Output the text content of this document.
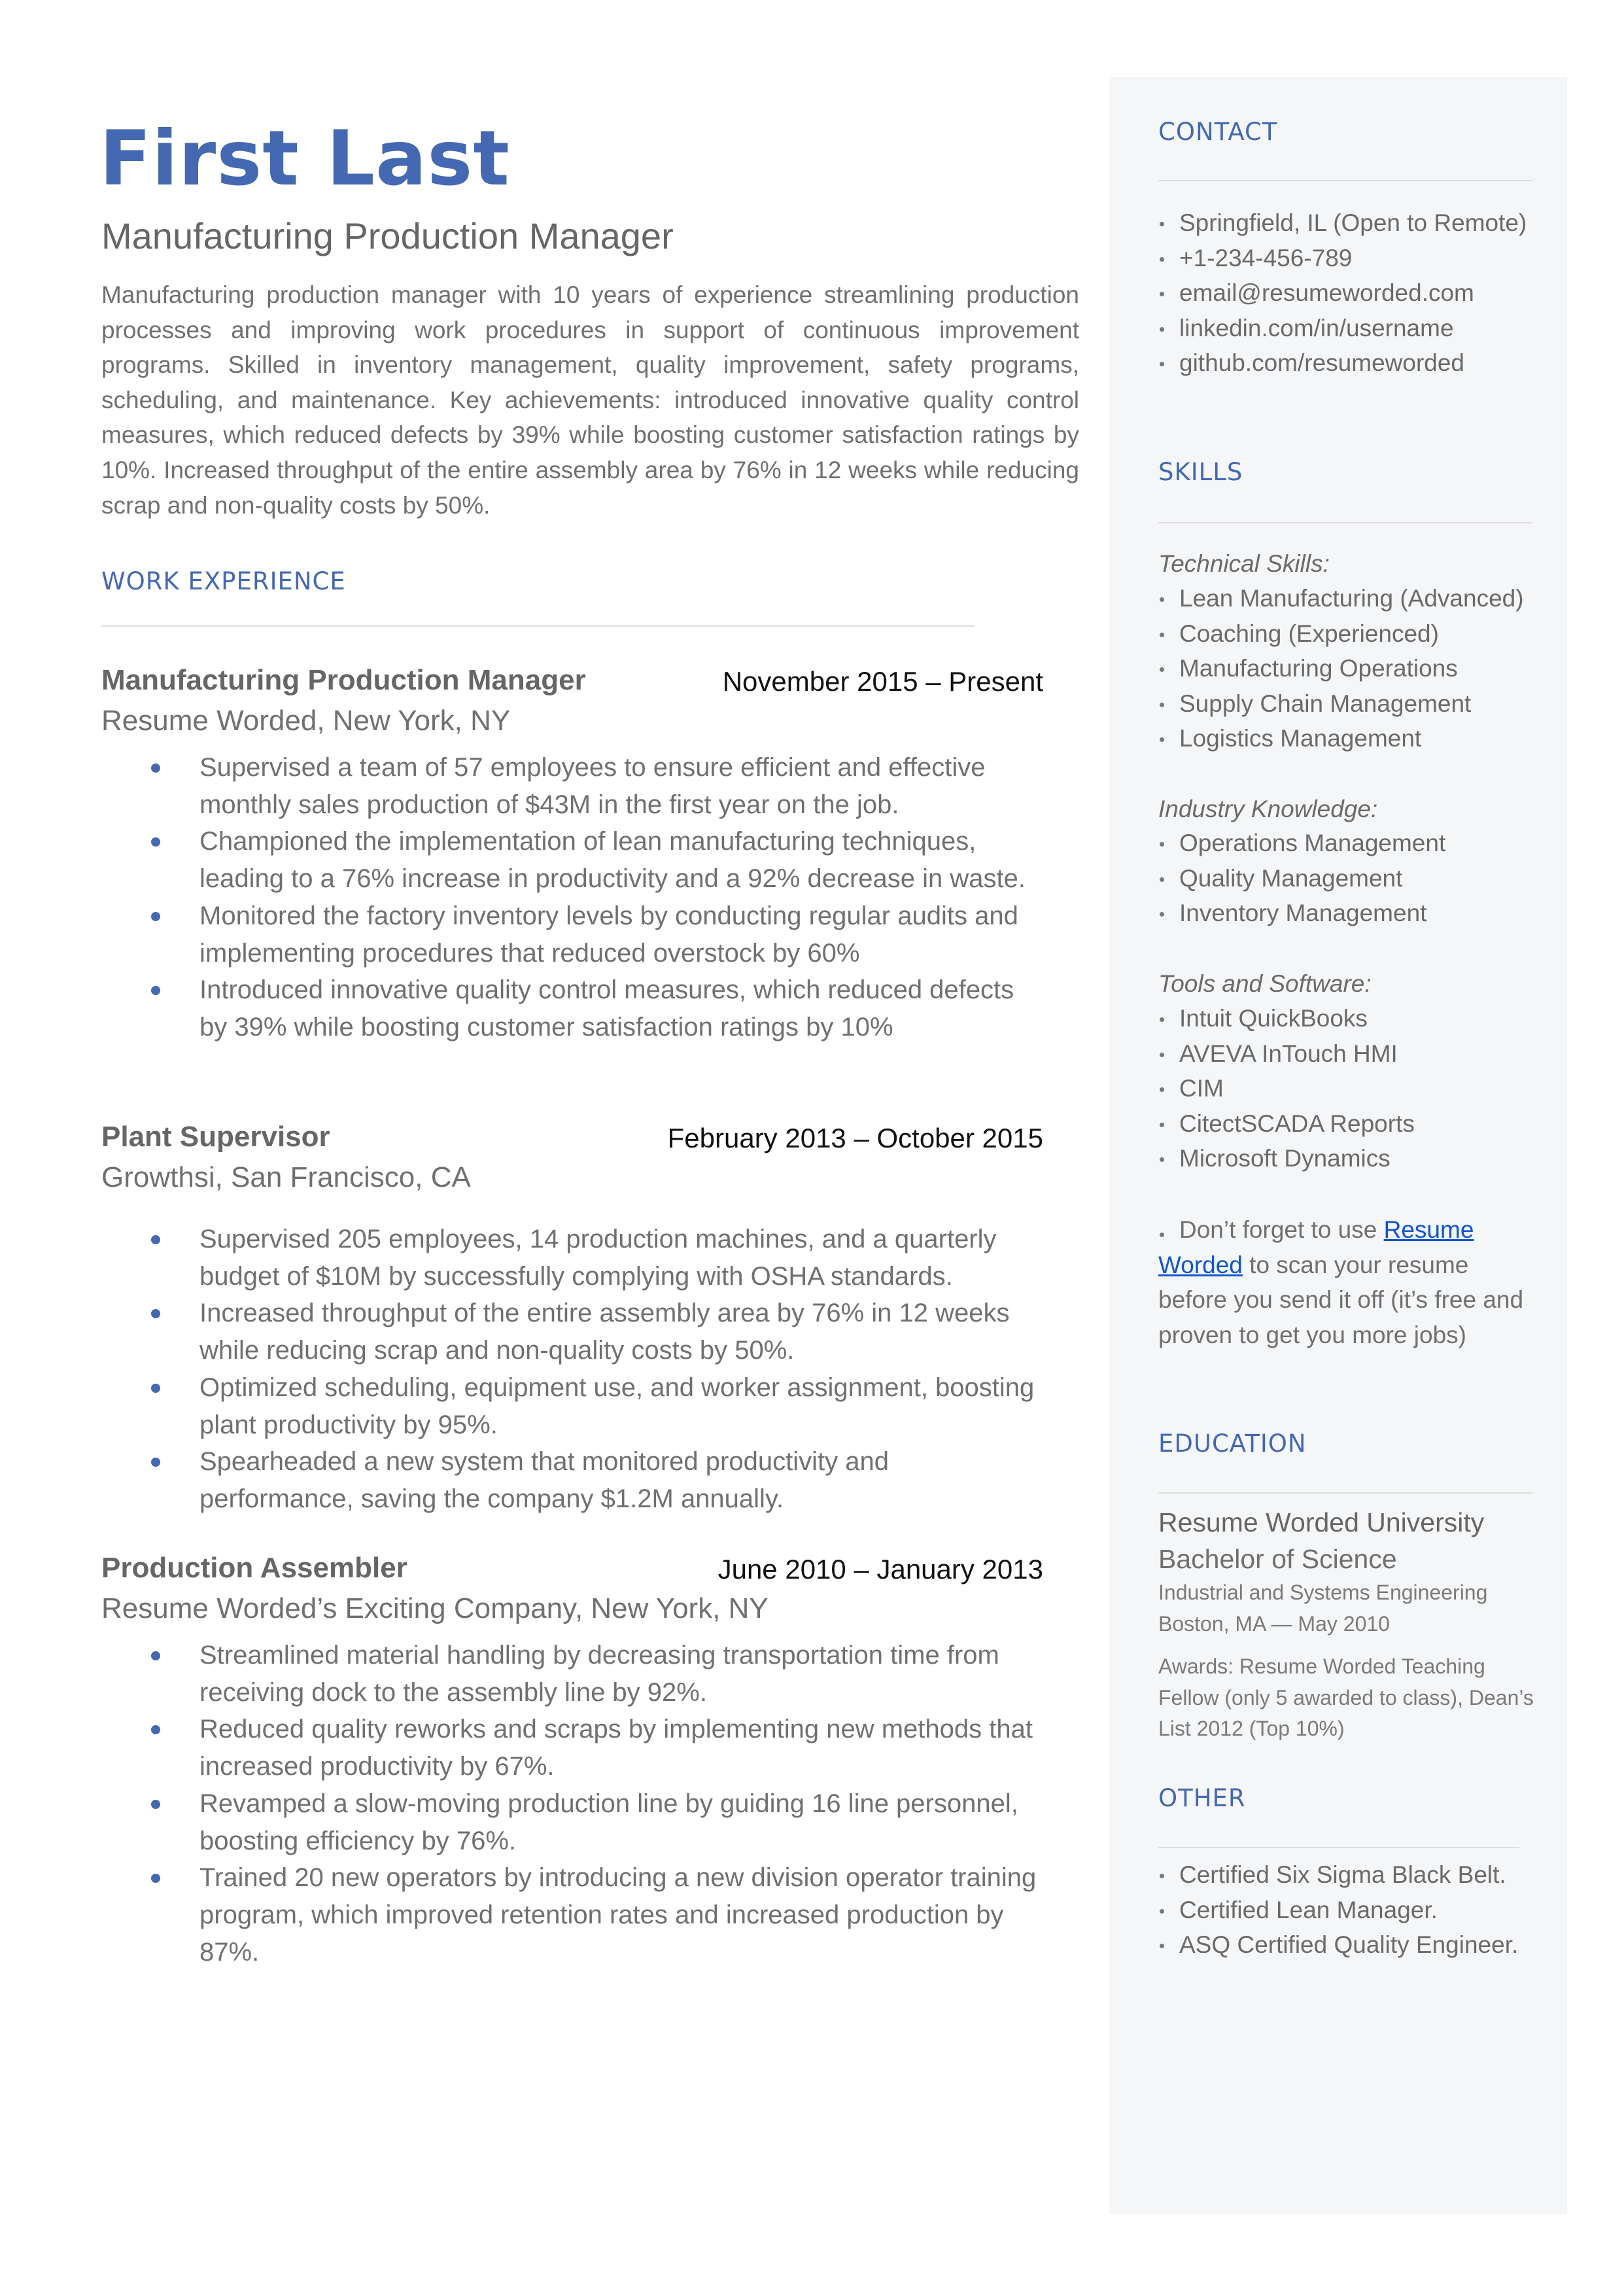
First Last
Manufacturing Production Manager
Manufacturing production manager with 10 years of experience streamlining production processes and improving work procedures in support of continuous improvement programs. Skilled in inventory management, quality improvement, safety programs, scheduling, and maintenance. Key achievements: introduced innovative quality control measures, which reduced defects by 39% while boosting customer satisfaction ratings by 10%. Increased throughput of the entire assembly area by 76% in 12 weeks while reducing scrap and non-quality costs by 50%.
WORK EXPERIENCE
Manufacturing Production Manager	November 2015 – Present
Resume Worded, New York, NY
Supervised a team of 57 employees to ensure efficient and effective monthly sales production of $43M in the first year on the job.
Championed the implementation of lean manufacturing techniques, leading to a 76% increase in productivity and a 92% decrease in waste.
Monitored the factory inventory levels by conducting regular audits and implementing procedures that reduced overstock by 60%
Introduced innovative quality control measures, which reduced defects by 39% while boosting customer satisfaction ratings by 10%
Plant Supervisor	February 2013 – October 2015
Growthsi, San Francisco, CA
Supervised 205 employees, 14 production machines, and a quarterly budget of $10M by successfully complying with OSHA standards.
Increased throughput of the entire assembly area by 76% in 12 weeks while reducing scrap and non-quality costs by 50%.
Optimized scheduling, equipment use, and worker assignment, boosting plant productivity by 95%.
Spearheaded a new system that monitored productivity and performance, saving the company $1.2M annually.
Production Assembler	June 2010 – January 2013
Resume Worded’s Exciting Company, New York, NY
Streamlined material handling by decreasing transportation time from receiving dock to the assembly line by 92%.
Reduced quality reworks and scraps by implementing new methods that increased productivity by 67%.
Revamped a slow-moving production line by guiding 16 line personnel, boosting efficiency by 76%.
Trained 20 new operators by introducing a new division operator training program, which improved retention rates and increased production by 87%.
CONTACT
Springfield, IL (Open to Remote)
+1-234-456-789
email@resumeworded.com
linkedin.com/in/username
github.com/resumeworded
SKILLS
Technical Skills:
Lean Manufacturing (Advanced)
Coaching (Experienced)
Manufacturing Operations
Supply Chain Management
Logistics Management
Industry Knowledge:
Operations Management
Quality Management
Inventory Management
Tools and Software:
Intuit QuickBooks
AVEVA InTouch HMI
CIM
CitectSCADA Reports
Microsoft Dynamics
Don’t forget to use Resume Worded to scan your resume before you send it off (it’s free and proven to get you more jobs)
EDUCATION
Resume Worded University
Bachelor of Science
Industrial and Systems Engineering
Boston, MA — May 2010
Awards: Resume Worded Teaching Fellow (only 5 awarded to class), Dean’s List 2012 (Top 10%)
OTHER
Certified Six Sigma Black Belt.
Certified Lean Manager.
ASQ Certified Quality Engineer.
